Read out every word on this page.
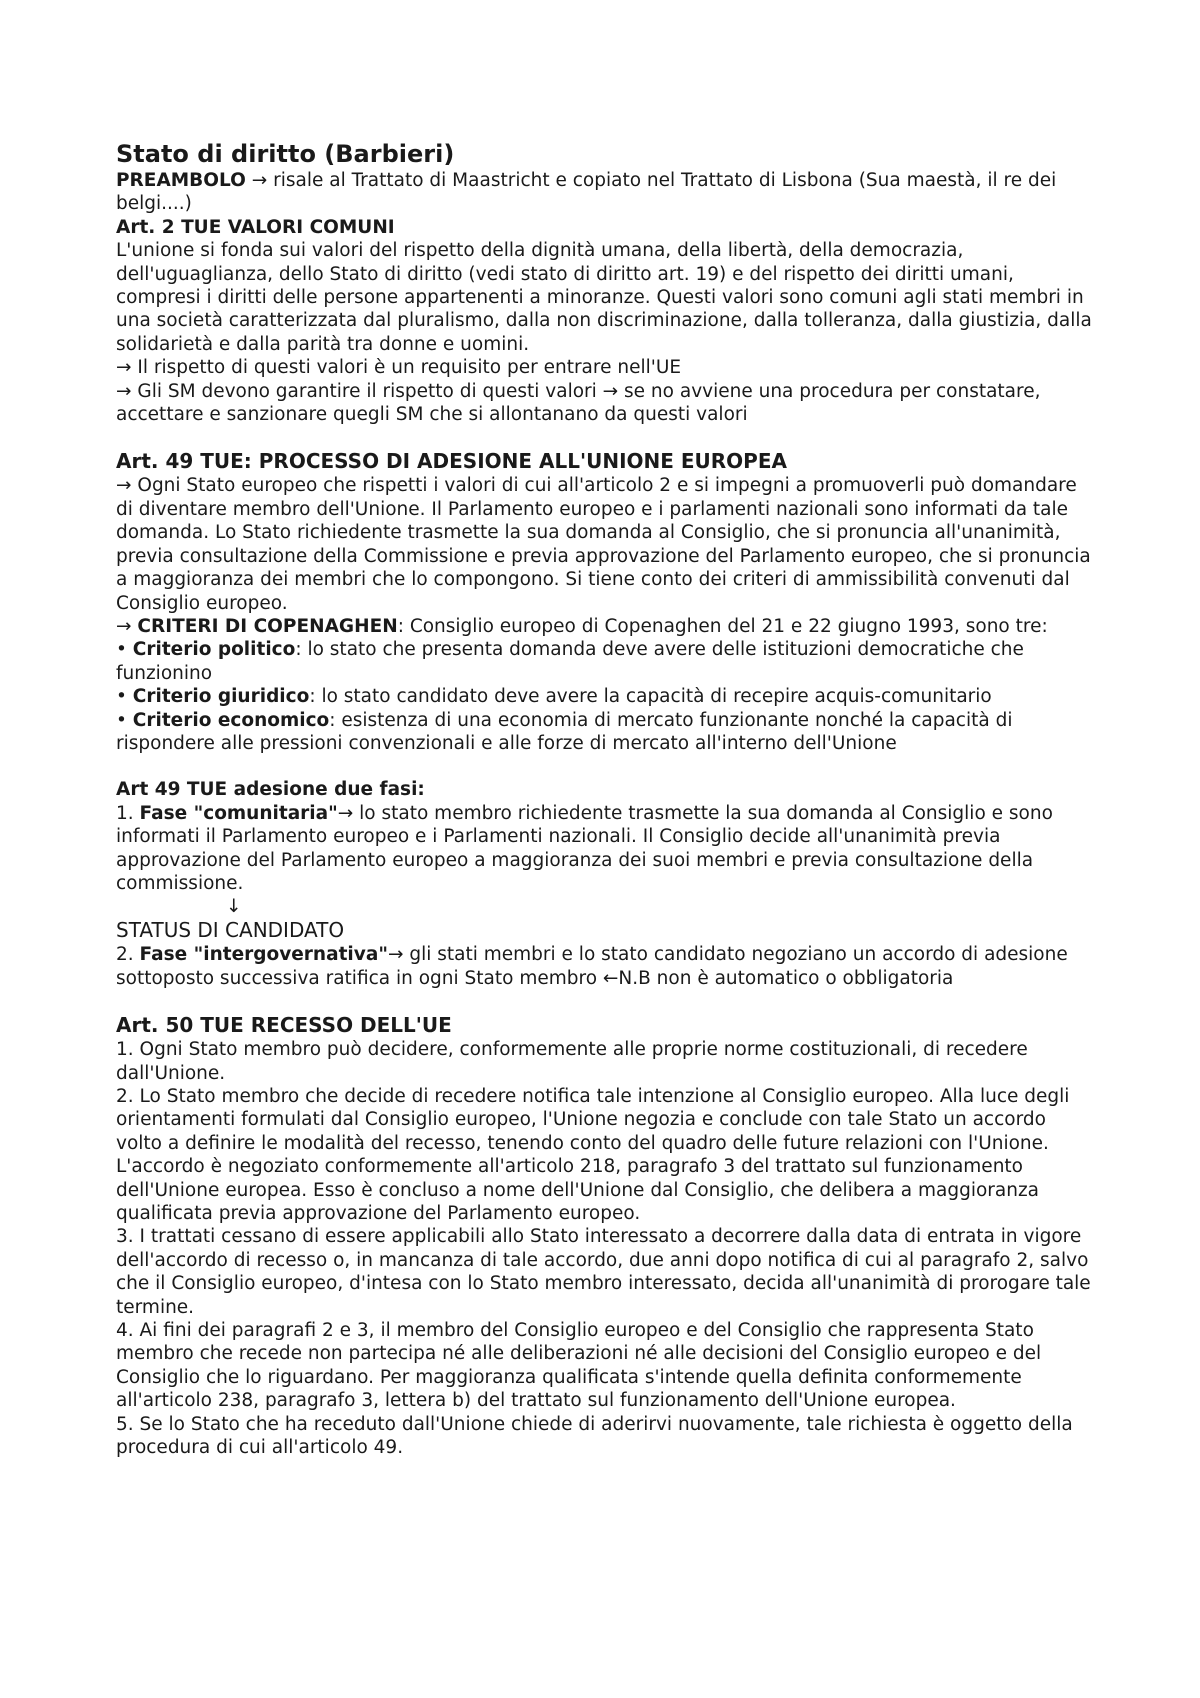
Stato di diritto (Barbieri)

PREAMBOLO → risale al Trattato di Maastricht e copiato nel Trattato di Lisbona (Sua maestà, il re dei belgi....)

Art. 2 TUE VALORI COMUNI

L'unione si fonda sui valori del rispetto della dignità umana, della libertà, della democrazia, dell'uguaglianza, dello Stato di diritto (vedi stato di diritto art. 19) e del rispetto dei diritti umani, compresi i diritti delle persone appartenenti a minoranze. Questi valori sono comuni agli stati membri in una società caratterizzata dal pluralismo, dalla non discriminazione, dalla tolleranza, dalla giustizia, dalla solidarietà e dalla parità tra donne e uomini.

→ Il rispetto di questi valori è un requisito per entrare nell'UE

→ Gli SM devono garantire il rispetto di questi valori → se no avviene una procedura per constatare, accettare e sanzionare quegli SM che si allontanano da questi valori

Art. 49 TUE: PROCESSO DI ADESIONE ALL'UNIONE EUROPEA

→ Ogni Stato europeo che rispetti i valori di cui all'articolo 2 e si impegni a promuoverli può domandare di diventare membro dell'Unione. Il Parlamento europeo e i parlamenti nazionali sono informati da tale domanda. Lo Stato richiedente trasmette la sua domanda al Consiglio, che si pronuncia all'unanimità, previa consultazione della Commissione e previa approvazione del Parlamento europeo, che si pronuncia a maggioranza dei membri che lo compongono. Si tiene conto dei criteri di ammissibilità convenuti dal Consiglio europeo.

→ CRITERI DI COPENAGHEN: Consiglio europeo di Copenaghen del 21 e 22 giugno 1993, sono tre:

• Criterio politico: lo stato che presenta domanda deve avere delle istituzioni democratiche che funzionino

• Criterio giuridico: lo stato candidato deve avere la capacità di recepire acquis-comunitario

• Criterio economico: esistenza di una economia di mercato funzionante nonché la capacità di rispondere alle pressioni convenzionali e alle forze di mercato all'interno dell'Unione

Art 49 TUE adesione due fasi:

1. Fase "comunitaria"→ lo stato membro richiedente trasmette la sua domanda al Consiglio e sono informati il Parlamento europeo e i Parlamenti nazionali. Il Consiglio decide all'unanimità previa approvazione del Parlamento europeo a maggioranza dei suoi membri e previa consultazione della commissione.

↓

STATUS DI CANDIDATO

2. Fase "intergovernativa"→ gli stati membri e lo stato candidato negoziano un accordo di adesione sottoposto successiva ratifica in ogni Stato membro ←N.B non è automatico o obbligatoria

Art. 50 TUE RECESSO DELL'UE

1. Ogni Stato membro può decidere, conformemente alle proprie norme costituzionali, di recedere dall'Unione.

2. Lo Stato membro che decide di recedere notifica tale intenzione al Consiglio europeo. Alla luce degli orientamenti formulati dal Consiglio europeo, l'Unione negozia e conclude con tale Stato un accordo volto a definire le modalità del recesso, tenendo conto del quadro delle future relazioni con l'Unione. L'accordo è negoziato conformemente all'articolo 218, paragrafo 3 del trattato sul funzionamento dell'Unione europea. Esso è concluso a nome dell'Unione dal Consiglio, che delibera a maggioranza qualificata previa approvazione del Parlamento europeo.

3. I trattati cessano di essere applicabili allo Stato interessato a decorrere dalla data di entrata in vigore dell'accordo di recesso o, in mancanza di tale accordo, due anni dopo notifica di cui al paragrafo 2, salvo che il Consiglio europeo, d'intesa con lo Stato membro interessato, decida all'unanimità di prorogare tale termine.

4. Ai fini dei paragrafi 2 e 3, il membro del Consiglio europeo e del Consiglio che rappresenta Stato membro che recede non partecipa né alle deliberazioni né alle decisioni del Consiglio europeo e del Consiglio che lo riguardano. Per maggioranza qualificata s'intende quella definita conformemente all'articolo 238, paragrafo 3, lettera b) del trattato sul funzionamento dell'Unione europea.

5. Se lo Stato che ha receduto dall'Unione chiede di aderirvi nuovamente, tale richiesta è oggetto della procedura di cui all'articolo 49.
